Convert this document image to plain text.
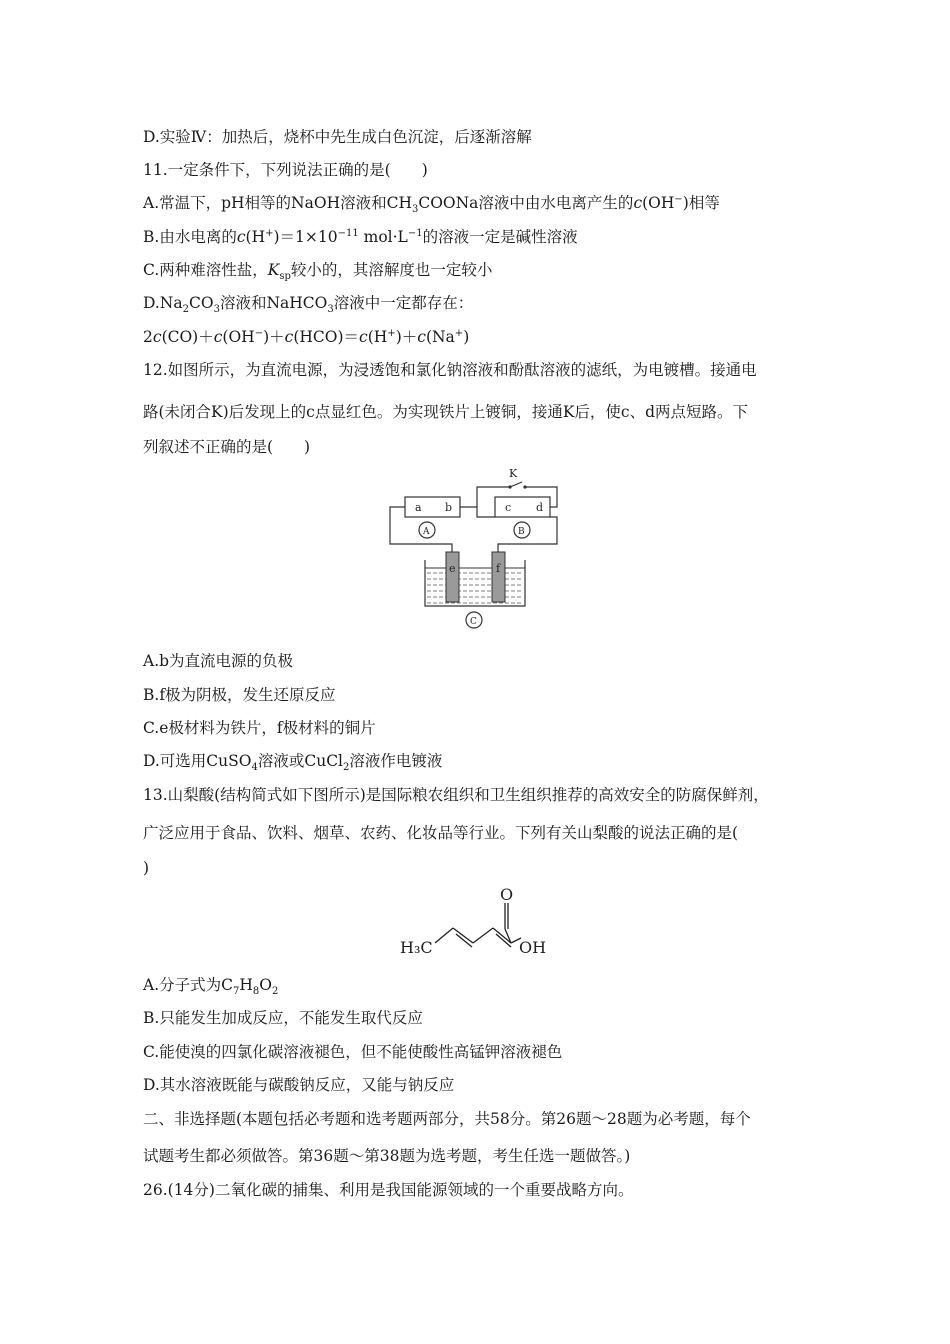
D.实验Ⅳ：加热后，烧杯中先生成白色沉淀，后逐渐溶解
11.一定条件下，下列说法正确的是(　　)
A.常温下，pH相等的NaOH溶液和$CH_3COONa$溶液中由水电离产生的c(OH−)相等
B.由水电离的$c(H^+)=1\times 10^{-11}$ $mol\cdot L^{-1}$的溶液一定是碱性溶液
C.两种难溶性盐，$K_{sp}$较小的，其溶解度也一定较小
$D.Na_2CO_3$溶液和NaHCO$_3$溶液中一定都存在：
2c(CO)＋c(OH−)＋c(HCO)＝c(H+)＋c(Na+)
12.如图所示，为直流电源，为浸透饱和氯化钠溶液和酚酞溶液的滤纸，为电镀槽。接通电
路(未闭合K)后发现上的c点显红色。为实现铁片上镀铜，接通K后，使c、d两点短路。下
列叙述不正确的是(　　)
K
a b	c d
A	B
C
e	f
A.b为直流电源的负极
B.f极为阴极，发生还原反应
C.e极材料为铁片，f极材料的铜片
D.可选用CuSO$_4$溶液或CuCl$_2$溶液作电镀液
13.山梨酸(结构简式如下图所示)是国际粮农组织和卫生组织推荐的高效安全的防腐保鲜剂，
广泛应用于食品、饮料、烟草、农药、化妆品等行业。下列有关山梨酸的说法正确的是(
)
O
OH
H₃C
A.分子式为$C_7H_8O_2$
B.只能发生加成反应，不能发生取代反应
C.能使溴的四氯化碳溶液褪色，但不能使酸性高锰钾溶液褪色
D.其水溶液既能与碳酸钠反应，又能与钠反应
二、非选择题(本题包括必考题和选考题两部分，共58分。第26题～28题为必考题，每个
试题考生都必须做答。第36题～第38题为选考题，考生任选一题做答。)
26.(14分)二氧化碳的捕集、利用是我国能源领域的一个重要战略方向。
